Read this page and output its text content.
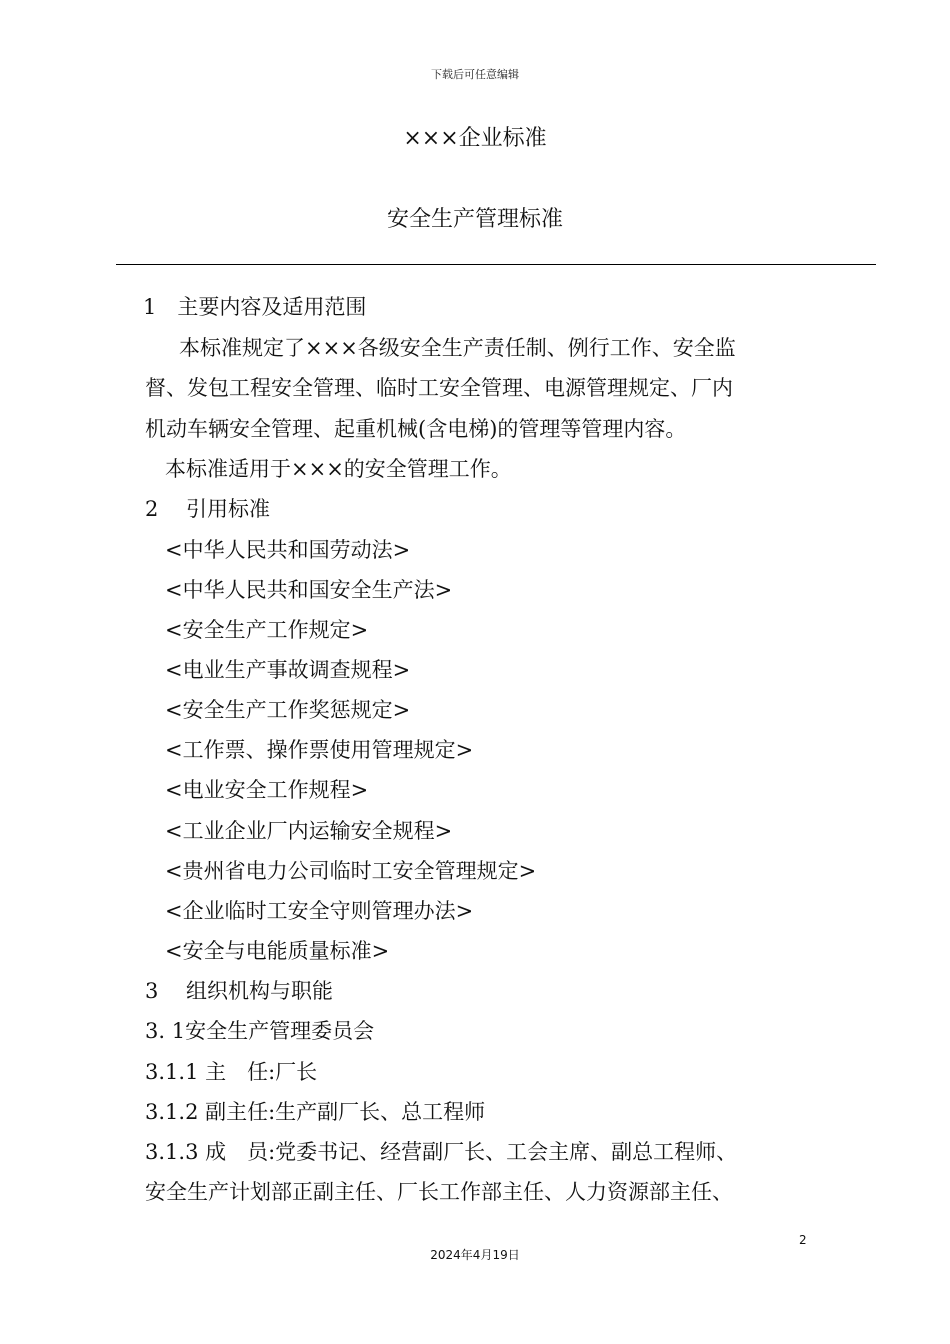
下载后可任意编辑
×××企业标准
安全生产管理标准
1　主要内容及适用范围
本标准规定了×××各级安全生产责任制、例行工作、安全监
督、发包工程安全管理、临时工安全管理、电源管理规定、厂内
机动车辆安全管理、起重机械(含电梯)的管理等管理内容。
本标准适用于×××的安全管理工作。
2　 引用标准
<中华人民共和国劳动法>
<中华人民共和国安全生产法>
<安全生产工作规定>
<电业生产事故调查规程>
<安全生产工作奖惩规定>
<工作票、操作票使用管理规定>
<电业安全工作规程>
<工业企业厂内运输安全规程>
<贵州省电力公司临时工安全管理规定>
<企业临时工安全守则管理办法>
<安全与电能质量标准>
3　 组织机构与职能
3. 1安全生产管理委员会
3.1.1 主　任:厂长
3.1.2 副主任:生产副厂长、总工程师
3.1.3 成　员:党委书记、经营副厂长、工会主席、副总工程师、
安全生产计划部正副主任、厂长工作部主任、人力资源部主任、
2
2024年4月19日
